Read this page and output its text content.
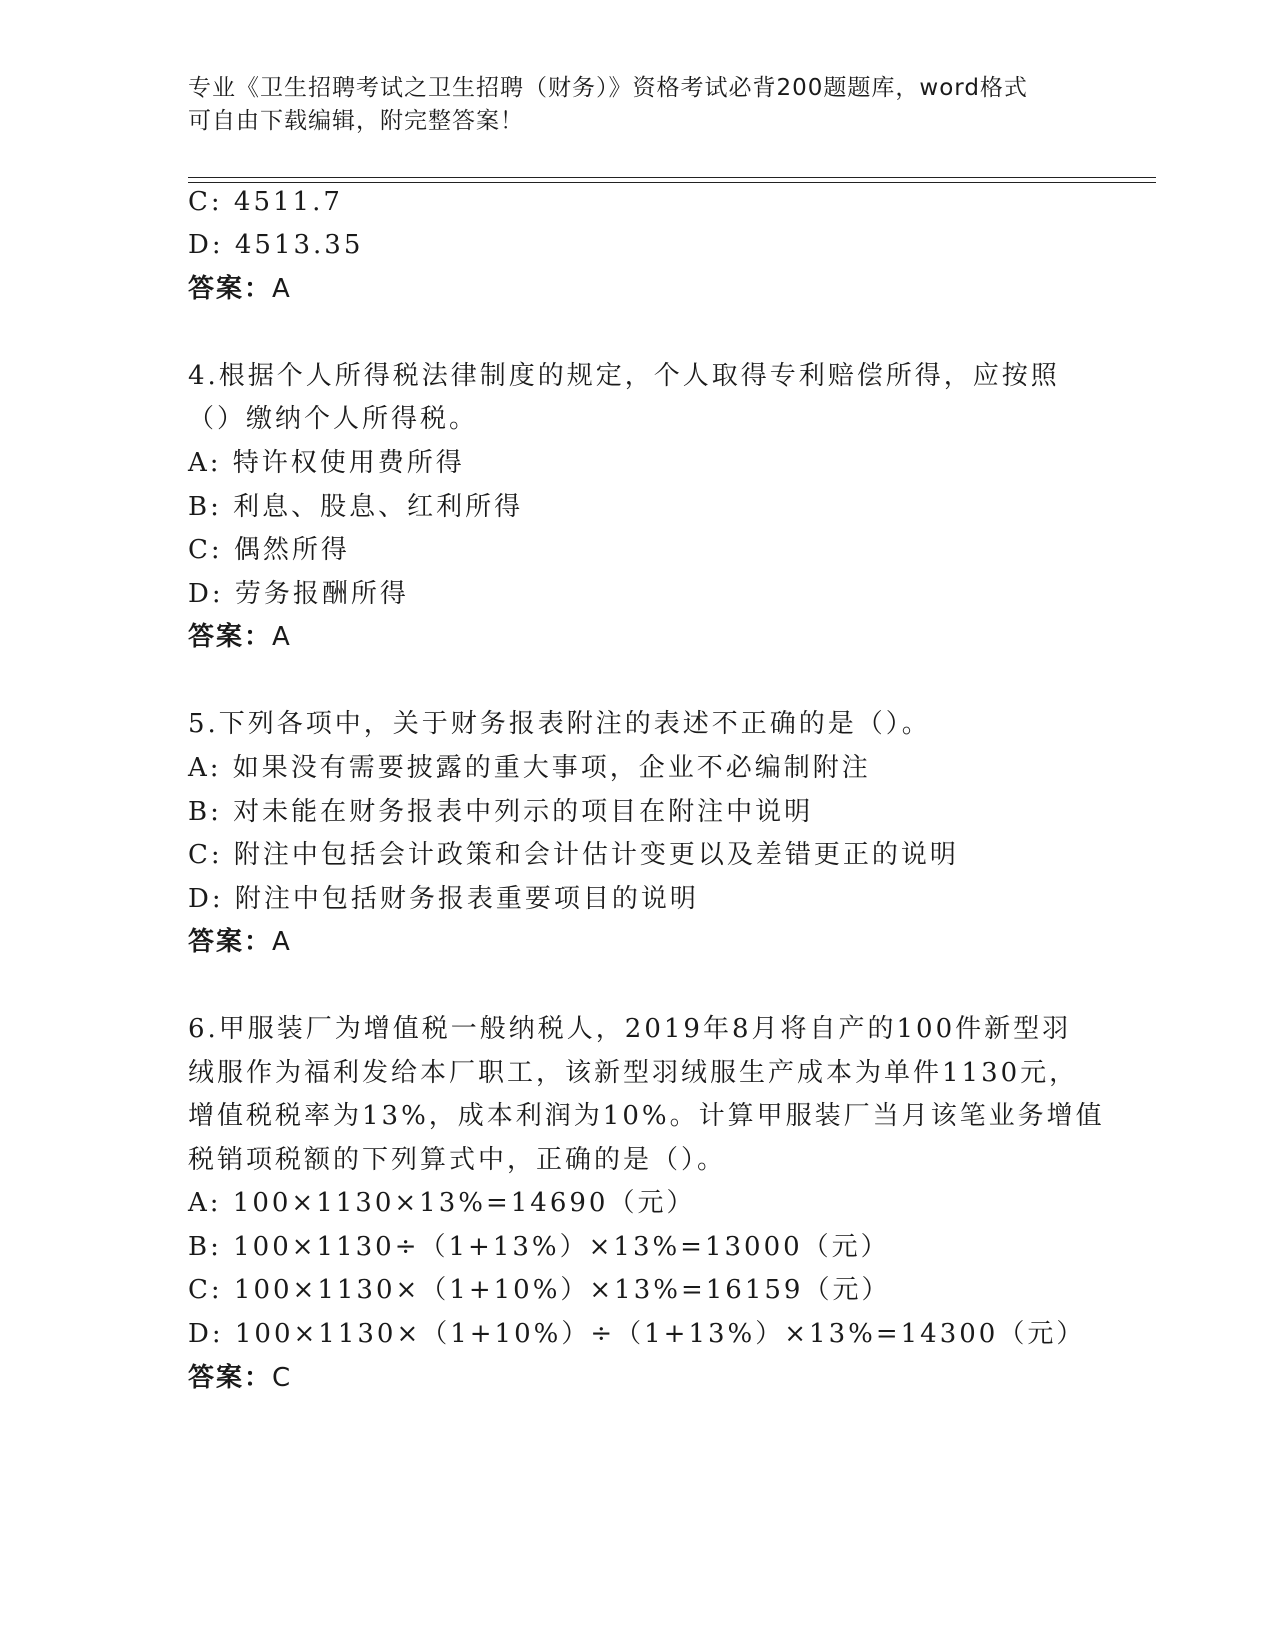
专业《卫生招聘考试之卫生招聘（财务）》资格考试必背200题题库，word格式
可自由下载编辑，附完整答案！
C: 4511.7
D: 4513.35
答案：A
4.根据个人所得税法律制度的规定，个人取得专利赔偿所得，应按照
（）缴纳个人所得税。
A: 特许权使用费所得
B: 利息、股息、红利所得
C: 偶然所得
D: 劳务报酬所得
答案：A
5.下列各项中，关于财务报表附注的表述不正确的是（）。
A: 如果没有需要披露的重大事项，企业不必编制附注
B: 对未能在财务报表中列示的项目在附注中说明
C: 附注中包括会计政策和会计估计变更以及差错更正的说明
D: 附注中包括财务报表重要项目的说明
答案：A
6.甲服装厂为增值税一般纳税人，2019年8月将自产的100件新型羽
绒服作为福利发给本厂职工，该新型羽绒服生产成本为单件1130元，
增值税税率为13%，成本利润为10%。计算甲服装厂当月该笔业务增值
税销项税额的下列算式中，正确的是（）。
A: 100×1130×13%=14690（元）
B: 100×1130÷（1+13%）×13%=13000（元）
C: 100×1130×（1+10%）×13%=16159（元）
D: 100×1130×（1+10%）÷（1+13%）×13%=14300（元）
答案：C
